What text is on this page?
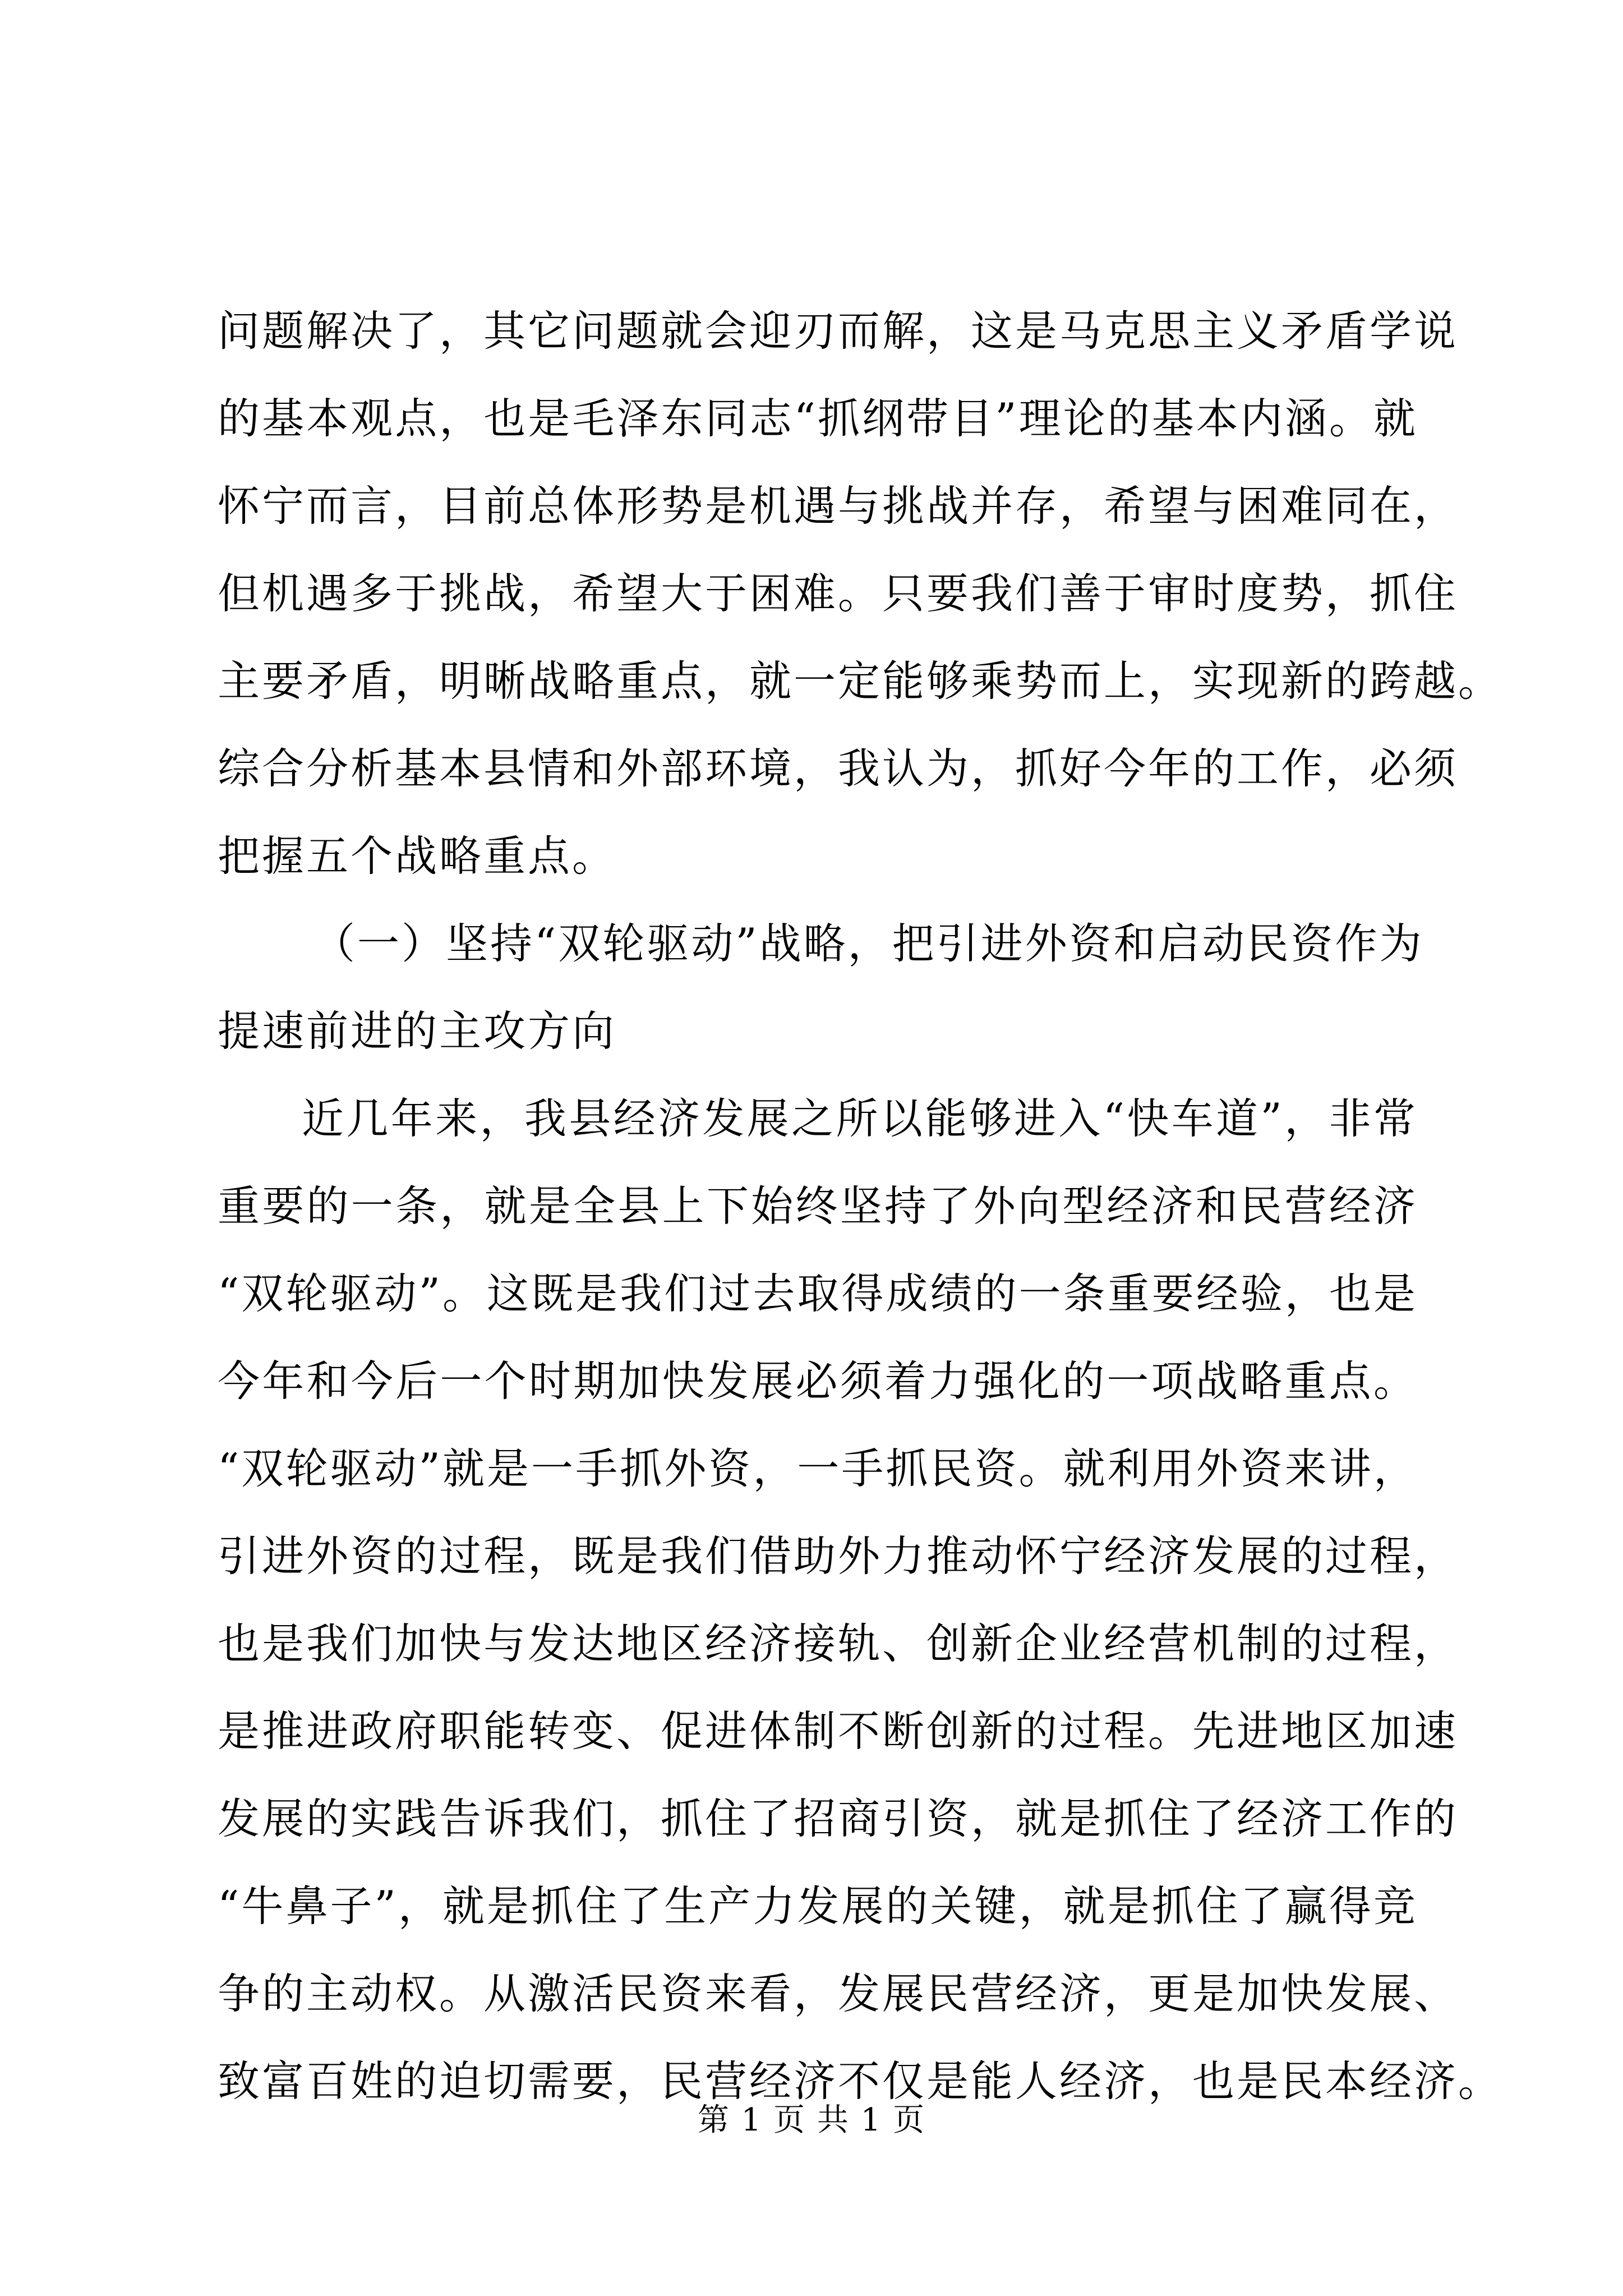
问题解决了，其它问题就会迎刃而解，这是马克思主义矛盾学说
的基本观点，也是毛泽东同志“抓纲带目”理论的基本内涵。就
怀宁而言，目前总体形势是机遇与挑战并存，希望与困难同在，
但机遇多于挑战，希望大于困难。只要我们善于审时度势，抓住
主要矛盾，明晰战略重点，就一定能够乘势而上，实现新的跨越。
综合分析基本县情和外部环境，我认为，抓好今年的工作，必须
把握五个战略重点。
（一）坚持“双轮驱动”战略，把引进外资和启动民资作为
提速前进的主攻方向
近几年来，我县经济发展之所以能够进入“快车道”，非常
重要的一条，就是全县上下始终坚持了外向型经济和民营经济
“双轮驱动”。这既是我们过去取得成绩的一条重要经验，也是
今年和今后一个时期加快发展必须着力强化的一项战略重点。
“双轮驱动”就是一手抓外资，一手抓民资。就利用外资来讲，
引进外资的过程，既是我们借助外力推动怀宁经济发展的过程，
也是我们加快与发达地区经济接轨、创新企业经营机制的过程，
是推进政府职能转变、促进体制不断创新的过程。先进地区加速
发展的实践告诉我们，抓住了招商引资，就是抓住了经济工作的
“牛鼻子”，就是抓住了生产力发展的关键，就是抓住了赢得竞
争的主动权。从激活民资来看，发展民营经济，更是加快发展、
致富百姓的迫切需要，民营经济不仅是能人经济，也是民本经济。
第 1 页 共 1 页
